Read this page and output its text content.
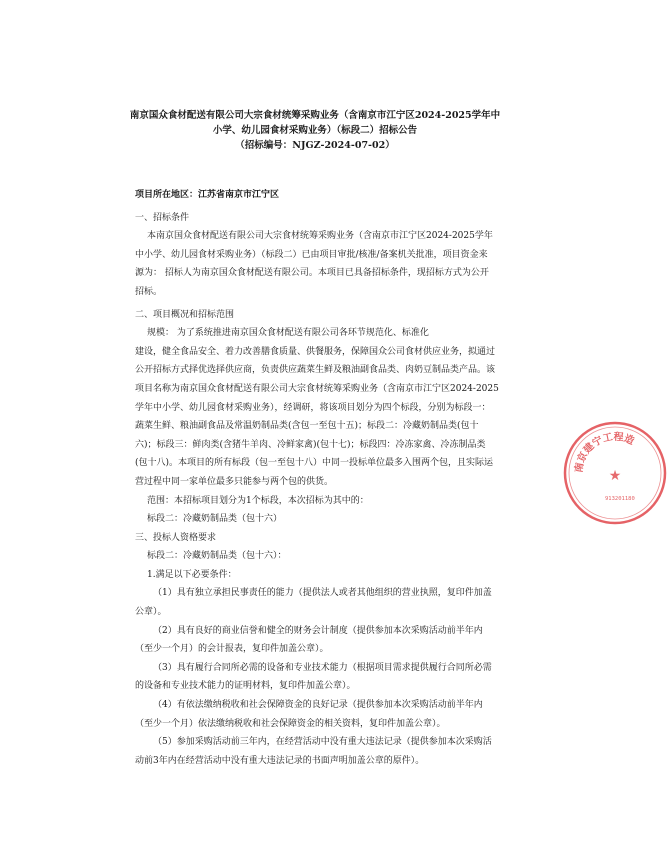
南京国众食材配送有限公司大宗食材统筹采购业务（含南京市江宁区2024-2025学年中
小学、幼儿园食材采购业务）（标段二）招标公告
（招标编号：NJGZ-2024-07-02）
项目所在地区：江苏省南京市江宁区
一、招标条件
本南京国众食材配送有限公司大宗食材统筹采购业务（含南京市江宁区2024-2025学年
中小学、幼儿园食材采购业务）（标段二）已由项目审批/核准/备案机关批准，项目资金来
源为： 招标人为南京国众食材配送有限公司。本项目已具备招标条件，现招标方式为公开
招标。
二、项目概况和招标范围
规模： 为了系统推进南京国众食材配送有限公司各环节规范化、标准化
建设，健全食品安全、着力改善膳食质量、供餐服务，保障国众公司食材供应业务，拟通过
公开招标方式择优选择供应商，负责供应蔬菜生鲜及粮油副食品类、肉奶豆制品类产品。该
项目名称为南京国众食材配送有限公司大宗食材统筹采购业务（含南京市江宁区2024-2025
学年中小学、幼儿园食材采购业务），经调研，将该项目划分为四个标段，分别为标段一：
蔬菜生鲜、粮油副食品及常温奶制品类(含包一至包十五)；标段二：冷藏奶制品类(包十
六)；标段三：鲜肉类(含猪牛羊肉、冷鲜家禽)(包十七)；标段四：冷冻家禽、冷冻制品类
(包十八)。本项目的所有标段（包一至包十八）中同一投标单位最多入围两个包，且实际运
营过程中同一家单位最多只能参与两个包的供货。
范围：本招标项目划分为1个标段，本次招标为其中的：
标段二：冷藏奶制品类（包十六）
三、投标人资格要求
标段二：冷藏奶制品类（包十六）：
1.满足以下必要条件：
（1）具有独立承担民事责任的能力（提供法人或者其他组织的营业执照，复印件加盖
公章）。
（2）具有良好的商业信誉和健全的财务会计制度（提供参加本次采购活动前半年内
（至少一个月）的会计报表，复印件加盖公章）。
（3）具有履行合同所必需的设备和专业技术能力（根据项目需求提供履行合同所必需
的设备和专业技术能力的证明材料，复印件加盖公章）。
（4）有依法缴纳税收和社会保障资金的良好记录（提供参加本次采购活动前半年内
（至少一个月）依法缴纳税收和社会保障资金的相关资料，复印件加盖公章）。
（5）参加采购活动前三年内，在经营活动中没有重大违法记录（提供参加本次采购活
动前3年内在经营活动中没有重大违法记录的书面声明加盖公章的原件）。
南京建宁工程造
★
913201180
